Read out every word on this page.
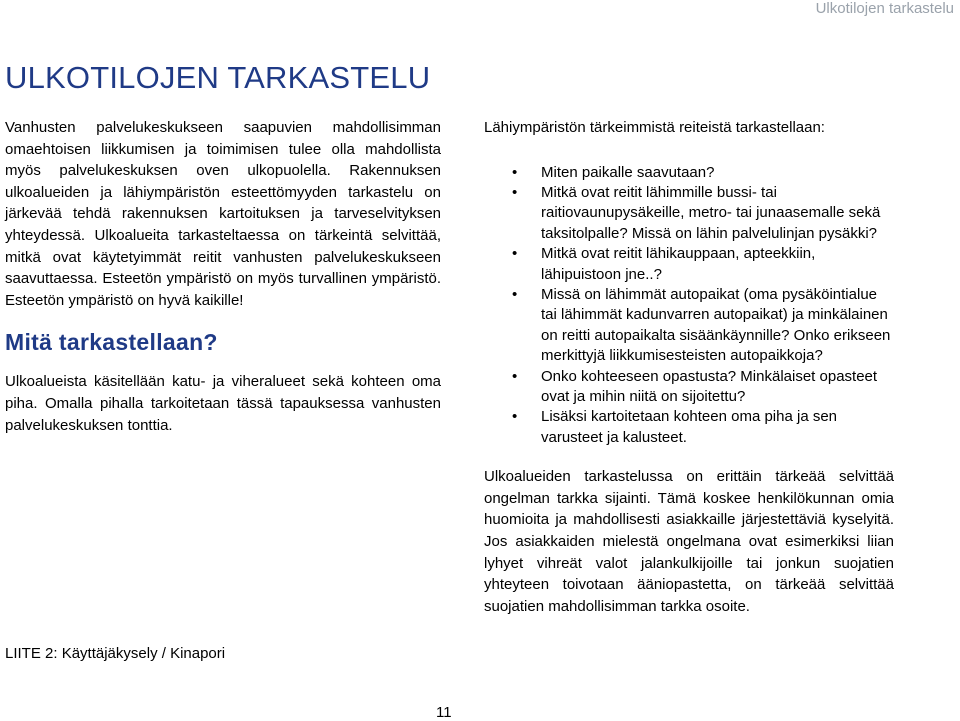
Ulkotilojen tarkastelu
ULKOTILOJEN TARKASTELU

Vanhusten palvelukeskukseen saapuvien mahdollisimman omaehtoisen liikkumisen ja toimimisen tulee olla mahdollista myös palvelukeskuksen oven ulkopuolella. Rakennuksen ulkoalueiden ja lähiympäristön esteettömyyden tarkastelu on järkevää tehdä rakennuksen kartoituksen ja tarveselvityksen yhteydessä. Ulkoalueita tarkasteltaessa on tärkeintä selvittää, mitkä ovat käytetyimmät reitit vanhusten palvelukeskukseen saavuttaessa. Esteetön ympäristö on myös turvallinen ympäristö. Esteetön ympäristö on hyvä kaikille!

Mitä tarkastellaan?

Ulkoalueista käsitellään katu- ja viheralueet sekä kohteen oma piha. Omalla pihalla tarkoitetaan tässä tapauksessa vanhusten palvelukeskuksen tonttia.

Lähiympäristön tärkeimmistä reiteistä tarkastellaan:

• Miten paikalle saavutaan?
• Mitkä ovat reitit lähimmille bussi- tai raitiovaunupysäkeille, metro- tai junaasemalle sekä taksitolpalle? Missä on lähin palvelulinjan pysäkki?
• Mitkä ovat reitit lähikauppaan, apteekkiin, lähipuistoon jne..?
• Missä on lähimmät autopaikat (oma pysäköintialue tai lähimmät kadunvarren autopaikat) ja minkälainen on reitti autopaikalta sisäänkäynnille? Onko erikseen merkittyjä liikkumisesteisten autopaikkoja?
• Onko kohteeseen opastusta? Minkälaiset opasteet ovat ja mihin niitä on sijoitettu?
• Lisäksi kartoitetaan kohteen oma piha ja sen varusteet ja kalusteet.

Ulkoalueiden tarkastelussa on erittäin tärkeää selvittää ongelman tarkka sijainti. Tämä koskee henkilökunnan omia huomioita ja mahdollisesti asiakkaille järjestettäviä kyselyitä. Jos asiakkaiden mielestä ongelmana ovat esimerkiksi liian lyhyet vihreät valot jalankulkijoille tai jonkun suojatien yhteyteen toivotaan ääniopastetta, on tärkeää selvittää suojatien mahdollisimman tarkka osoite.

LIITE 2: Käyttäjäkysely / Kinapori

11
